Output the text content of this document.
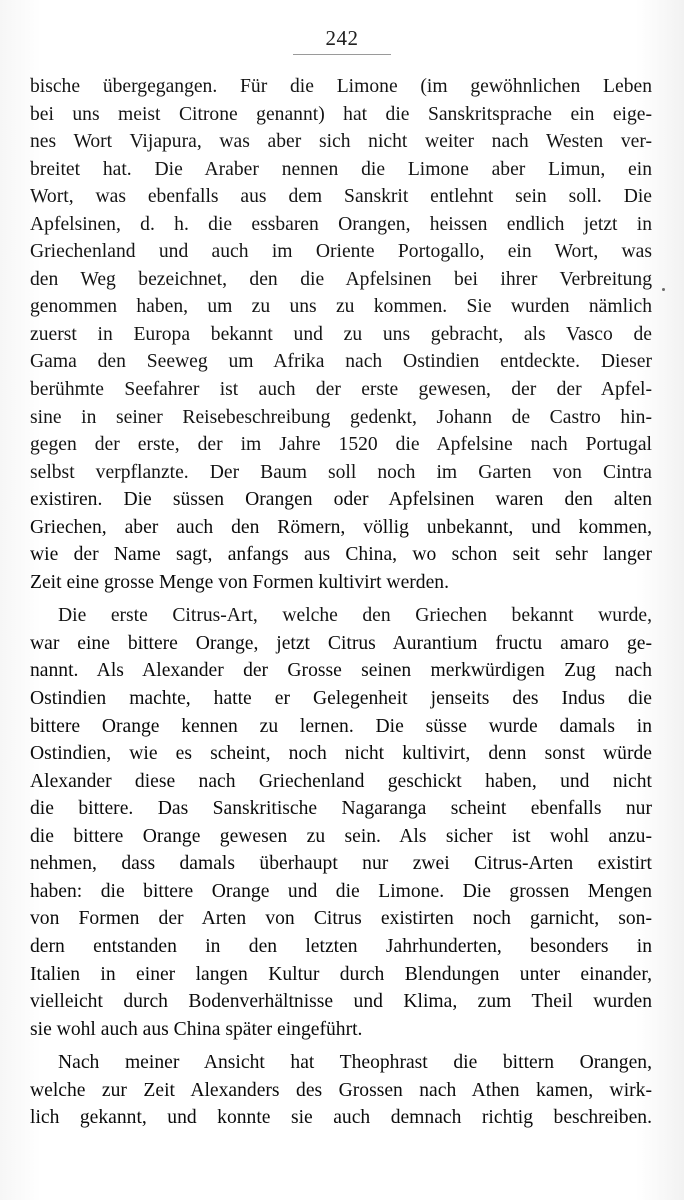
242
bische übergegangen. Für die Limone (im gewöhnlichen Leben
bei uns meist Citrone genannt) hat die Sanskritsprache ein eige-
nes Wort Vijapura, was aber sich nicht weiter nach Westen ver-
breitet hat. Die Araber nennen die Limone aber Limun, ein
Wort, was ebenfalls aus dem Sanskrit entlehnt sein soll. Die
Apfelsinen, d. h. die essbaren Orangen, heissen endlich jetzt in
Griechenland und auch im Oriente Portogallo, ein Wort, was
den Weg bezeichnet, den die Apfelsinen bei ihrer Verbreitung
genommen haben, um zu uns zu kommen. Sie wurden nämlich
zuerst in Europa bekannt und zu uns gebracht, als Vasco de
Gama den Seeweg um Afrika nach Ostindien entdeckte. Dieser
berühmte Seefahrer ist auch der erste gewesen, der der Apfel-
sine in seiner Reisebeschreibung gedenkt, Johann de Castro hin-
gegen der erste, der im Jahre 1520 die Apfelsine nach Portugal
selbst verpflanzte. Der Baum soll noch im Garten von Cintra
existiren. Die süssen Orangen oder Apfelsinen waren den alten
Griechen, aber auch den Römern, völlig unbekannt, und kommen,
wie der Name sagt, anfangs aus China, wo schon seit sehr langer
Zeit eine grosse Menge von Formen kultivirt werden.
Die erste Citrus-Art, welche den Griechen bekannt wurde,
war eine bittere Orange, jetzt Citrus Aurantium fructu amaro ge-
nannt. Als Alexander der Grosse seinen merkwürdigen Zug nach
Ostindien machte, hatte er Gelegenheit jenseits des Indus die
bittere Orange kennen zu lernen. Die süsse wurde damals in
Ostindien, wie es scheint, noch nicht kultivirt, denn sonst würde
Alexander diese nach Griechenland geschickt haben, und nicht
die bittere. Das Sanskritische Nagaranga scheint ebenfalls nur
die bittere Orange gewesen zu sein. Als sicher ist wohl anzu-
nehmen, dass damals überhaupt nur zwei Citrus-Arten existirt
haben: die bittere Orange und die Limone. Die grossen Mengen
von Formen der Arten von Citrus existirten noch garnicht, son-
dern entstanden in den letzten Jahrhunderten, besonders in
Italien in einer langen Kultur durch Blendungen unter einander,
vielleicht durch Bodenverhältnisse und Klima, zum Theil wurden
sie wohl auch aus China später eingeführt.
Nach meiner Ansicht hat Theophrast die bittern Orangen,
welche zur Zeit Alexanders des Grossen nach Athen kamen, wirk-
lich gekannt, und konnte sie auch demnach richtig beschreiben.
